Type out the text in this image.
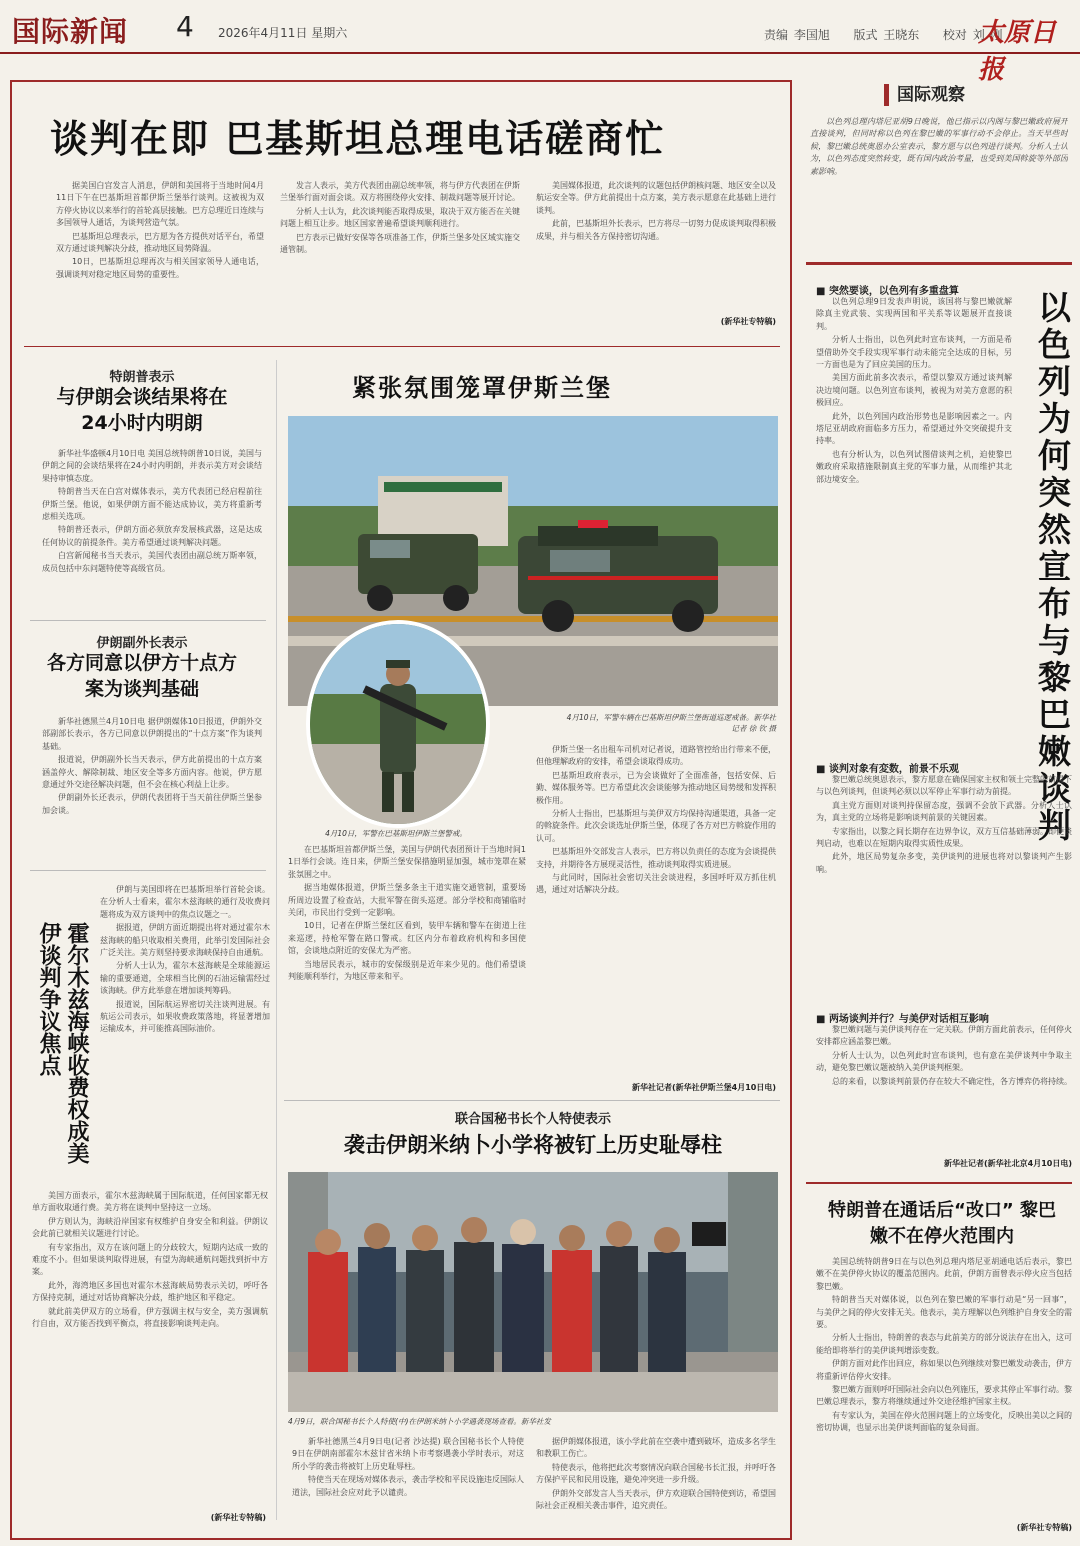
国际新闻 4 2026年4月11日 星期六	责编 李国旭 　 版式 王晓东 　 校对 刘 刚
太原日报
谈判在即 巴基斯坦总理电话磋商忙

据美国白宫发言人消息，伊朗和美国将于当地时间4月11日下午在巴基斯坦首都伊斯兰堡举行谈判。这被视为双方停火协议以来举行的首轮高层接触。巴方总理近日连续与多国领导人通话，为谈判营造气氛。

巴基斯坦总理表示，巴方愿为各方提供对话平台，希望双方通过谈判解决分歧，推动地区局势降温。

10日，巴基斯坦总理再次与相关国家领导人通电话，强调谈判对稳定地区局势的重要性。

发言人表示，美方代表团由副总统率领，将与伊方代表团在伊斯兰堡举行面对面会谈。双方将围绕停火安排、制裁问题等展开讨论。

分析人士认为，此次谈判能否取得成果，取决于双方能否在关键问题上相互让步。地区国家普遍希望谈判顺利进行。

巴方表示已做好安保等各项准备工作，伊斯兰堡多处区域实施交通管制。

美国媒体报道，此次谈判的议题包括伊朗核问题、地区安全以及航运安全等。伊方此前提出十点方案，美方表示愿意在此基础上进行谈判。

此前，巴基斯坦外长表示，巴方将尽一切努力促成谈判取得积极成果，并与相关各方保持密切沟通。

(新华社专特稿)
特朗普表示
与伊朗会谈结果将在24小时内明朗

新华社华盛顿4月10日电 美国总统特朗普10日说，美国与伊朗之间的会谈结果将在24小时内明朗，并表示美方对会谈结果持审慎态度。

特朗普当天在白宫对媒体表示，美方代表团已经启程前往伊斯兰堡。他说，如果伊朗方面不能达成协议，美方将重新考虑相关选项。

特朗普还表示，伊朗方面必须放弃发展核武器，这是达成任何协议的前提条件。美方希望通过谈判解决问题。

白宫新闻秘书当天表示，美国代表团由副总统万斯率领，成员包括中东问题特使等高级官员。

伊朗副外长表示
各方同意以伊方十点方案为谈判基础

新华社德黑兰4月10日电 据伊朗媒体10日报道，伊朗外交部副部长表示，各方已同意以伊朗提出的“十点方案”作为谈判基础。

报道说，伊朗副外长当天表示，伊方此前提出的十点方案涵盖停火、解除制裁、地区安全等多方面内容。他说，伊方愿意通过外交途径解决问题，但不会在核心利益上让步。

伊朗副外长还表示，伊朗代表团将于当天前往伊斯兰堡参加会谈。

霍尔木兹海峡收费权成美伊谈判争议焦点

伊朗与美国即将在巴基斯坦举行首轮会谈。在分析人士看来，霍尔木兹海峡的通行及收费问题将成为双方谈判中的焦点议题之一。

据报道，伊朗方面近期提出将对通过霍尔木兹海峡的船只收取相关费用，此举引发国际社会广泛关注。美方则坚持要求海峡保持自由通航。

分析人士认为，霍尔木兹海峡是全球能源运输的重要通道，全球相当比例的石油运输需经过该海峡。伊方此举意在增加谈判筹码。

报道说，国际航运界密切关注谈判进展。有航运公司表示，如果收费政策落地，将显著增加运输成本，并可能推高国际油价。

美国方面表示，霍尔木兹海峡属于国际航道，任何国家都无权单方面收取通行费。美方将在谈判中坚持这一立场。

伊方则认为，海峡沿岸国家有权维护自身安全和利益。伊朗议会此前已就相关议题进行讨论。

有专家指出，双方在该问题上的分歧较大，短期内达成一致的难度不小。但如果谈判取得进展，有望为海峡通航问题找到折中方案。

此外，海湾地区多国也对霍尔木兹海峡局势表示关切，呼吁各方保持克制，通过对话协商解决分歧，维护地区和平稳定。

就此前美伊双方的立场看，伊方强调主权与安全，美方强调航行自由，双方能否找到平衡点，将直接影响谈判走向。

(新华社专特稿)
紧张氛围笼罩伊斯兰堡
4月10日，军警车辆在巴基斯坦伊斯兰堡街道巡逻戒备。新华社记者 徐 钦 摄
4月10日，军警在巴基斯坦伊斯兰堡警戒。

在巴基斯坦首都伊斯兰堡，美国与伊朗代表团预计于当地时间11日举行会谈。连日来，伊斯兰堡安保措施明显加强，城市笼罩在紧张氛围之中。

据当地媒体报道，伊斯兰堡多条主干道实施交通管制，重要场所周边设置了检查站，大批军警在街头巡逻。部分学校和商铺临时关闭，市民出行受到一定影响。

10日，记者在伊斯兰堡红区看到，装甲车辆和警车在街道上往来巡逻，持枪军警在路口警戒。红区内分布着政府机构和多国使馆，会谈地点附近的安保尤为严密。

当地居民表示，城市的安保级别是近年来少见的。他们希望谈判能顺利举行，为地区带来和平。

伊斯兰堡一名出租车司机对记者说，道路管控给出行带来不便，但他理解政府的安排，希望会谈取得成功。

巴基斯坦政府表示，已为会谈做好了全面准备，包括安保、后勤、媒体服务等。巴方希望此次会谈能够为推动地区局势缓和发挥积极作用。

分析人士指出，巴基斯坦与美伊双方均保持沟通渠道，具备一定的斡旋条件。此次会谈选址伊斯兰堡，体现了各方对巴方斡旋作用的认可。

巴基斯坦外交部发言人表示，巴方将以负责任的态度为会谈提供支持，并期待各方展现灵活性，推动谈判取得实质进展。

与此同时，国际社会密切关注会谈进程，多国呼吁双方抓住机遇，通过对话解决分歧。

新华社记者(新华社伊斯兰堡4月10日电)
联合国秘书长个人特使表示
袭击伊朗米纳卜小学将被钉上历史耻辱柱
4月9日，联合国秘书长个人特使(中)在伊朗米纳卜小学遇袭现场查看。新华社发

新华社德黑兰4月9日电(记者 沙达提) 联合国秘书长个人特使9日在伊朗南部霍尔木兹甘省米纳卜市考察遇袭小学时表示，对这所小学的袭击将被钉上历史耻辱柱。

特使当天在现场对媒体表示，袭击学校和平民设施违反国际人道法，国际社会应对此予以谴责。

据伊朗媒体报道，该小学此前在空袭中遭到破坏，造成多名学生和教职工伤亡。

特使表示，他将把此次考察情况向联合国秘书长汇报，并呼吁各方保护平民和民用设施，避免冲突进一步升级。

伊朗外交部发言人当天表示，伊方欢迎联合国特使到访，希望国际社会正视相关袭击事件，追究责任。

国际观察
以色列总理内塔尼亚胡9日晚说，他已指示以内阁与黎巴嫩政府展开直接谈判，但同时称以色列在黎巴嫩的军事行动不会停止。当天早些时候，黎巴嫩总统奥恩办公室表示，黎方愿与以色列进行谈判。分析人士认为，以色列态度突然转变，既有国内政治考量，也受到美国斡旋等外部因素影响。
以色列为何突然宣布与黎巴嫩谈判
■ 突然要谈，以色列有多重盘算

以色列总理9日发表声明说，该国将与黎巴嫩就解除真主党武装、实现两国和平关系等议题展开直接谈判。

分析人士指出，以色列此时宣布谈判，一方面是希望借助外交手段实现军事行动未能完全达成的目标，另一方面也是为了回应美国的压力。

美国方面此前多次表示，希望以黎双方通过谈判解决边境问题。以色列宣布谈判，被视为对美方意愿的积极回应。

此外，以色列国内政治形势也是影响因素之一。内塔尼亚胡政府面临多方压力，希望通过外交突破提升支持率。

也有分析认为，以色列试图借谈判之机，迫使黎巴嫩政府采取措施限制真主党的军事力量，从而维护其北部边境安全。

■ 谈判对象有変数，前景不乐观

黎巴嫩总统奥恩表示，黎方愿意在确保国家主权和领土完整的前提下与以色列谈判，但谈判必须以以军停止军事行动为前提。

真主党方面则对谈判持保留态度，强调不会放下武器。分析人士认为，真主党的立场将是影响谈判前景的关键因素。

专家指出，以黎之间长期存在边界争议，双方互信基础薄弱。即便谈判启动，也难以在短期内取得实质性成果。

此外，地区局势复杂多变，美伊谈判的进展也将对以黎谈判产生影响。

■ 两场谈判并行？与美伊对话相互影响

黎巴嫩问题与美伊谈判存在一定关联。伊朗方面此前表示，任何停火安排都应涵盖黎巴嫩。

分析人士认为，以色列此时宣布谈判，也有意在美伊谈判中争取主动，避免黎巴嫩议题被纳入美伊谈判框架。

总的来看，以黎谈判前景仍存在较大不确定性，各方博弈仍将持续。

新华社记者(新华社北京4月10日电)
特朗普在通话后“改口” 黎巴嫩不在停火范围内

美国总统特朗普9日在与以色列总理内塔尼亚胡通电话后表示，黎巴嫩不在美伊停火协议的覆盖范围内。此前，伊朗方面曾表示停火应当包括黎巴嫩。

特朗普当天对媒体说，以色列在黎巴嫩的军事行动是“另一回事”，与美伊之间的停火安排无关。他表示，美方理解以色列维护自身安全的需要。

分析人士指出，特朗普的表态与此前美方的部分说法存在出入，这可能给即将举行的美伊谈判增添变数。

伊朗方面对此作出回应，称如果以色列继续对黎巴嫩发动袭击，伊方将重新评估停火安排。

黎巴嫩方面则呼吁国际社会向以色列施压，要求其停止军事行动。黎巴嫩总理表示，黎方将继续通过外交途径维护国家主权。

有专家认为，美国在停火范围问题上的立场变化，反映出美以之间的密切协调，也显示出美伊谈判面临的复杂局面。

(新华社专特稿)
